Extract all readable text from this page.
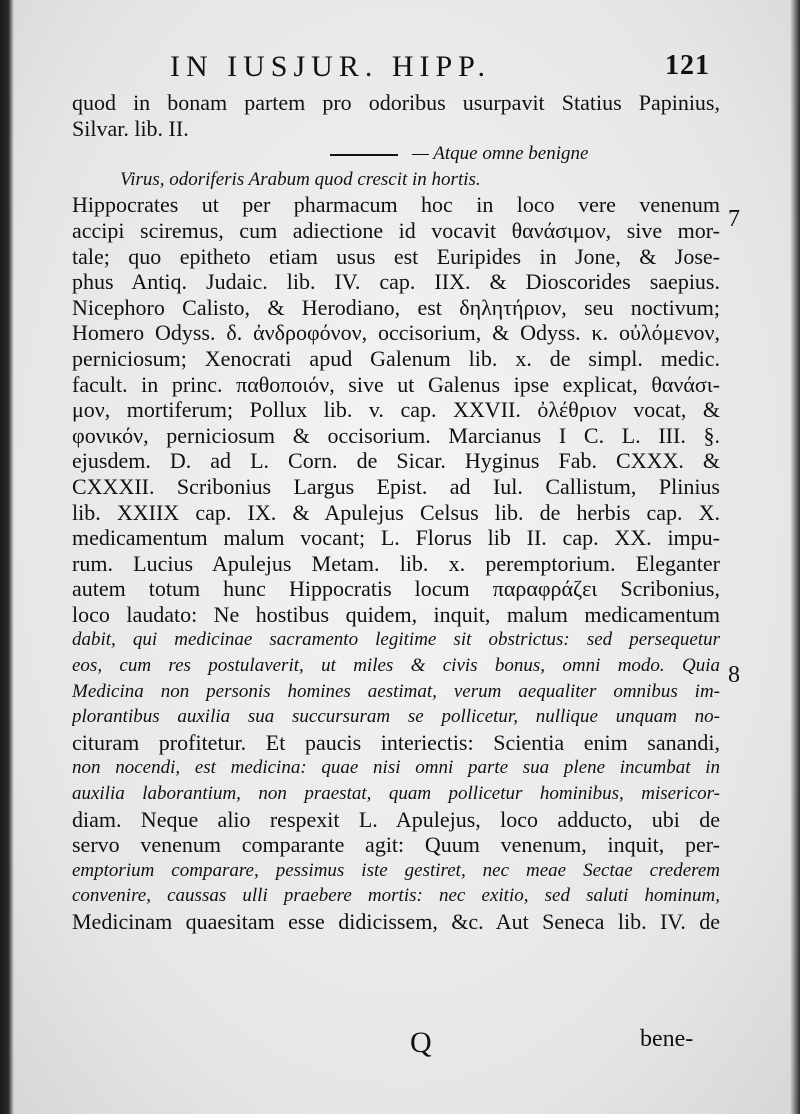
IN IUSJUR. HIPP.	121
quod in bonam partem pro odoribus usurpavit Statius Papinius,
Silvar. lib. II.
— Atque omne benigne
Virus, odoriferis Arabum quod crescit in hortis.
Hippocrates ut per pharmacum hoc in loco vere venenum
accipi sciremus, cum adiectione id vocavit θανάσιμον, sive mor-
tale; quo epitheto etiam usus est Euripides in Jone, & Jose-
phus Antiq. Judaic. lib. IV. cap. IIX. & Dioscorides saepius.
Nicephoro Calisto, & Herodiano, est δηλητήριον, seu noctivum;
Homero Odyss. δ. ἀνδροφόνον, occisorium, & Odyss. κ. οὐλόμενον,
perniciosum; Xenocrati apud Galenum lib. x. de simpl. medic.
facult. in princ. παθοποιόν, sive ut Galenus ipse explicat, θανάσι-
μον, mortiferum; Pollux lib. v. cap. XXVII. ὀλέθριον vocat, &
φονικόν, perniciosum & occisorium. Marcianus I C. L. III. §.
ejusdem. D. ad L. Corn. de Sicar. Hyginus Fab. CXXX. &
CXXXII. Scribonius Largus Epist. ad Iul. Callistum, Plinius
lib. XXIIX cap. IX. & Apulejus Celsus lib. de herbis cap. X.
medicamentum malum vocant; L. Florus lib II. cap. XX. impu-
rum. Lucius Apulejus Metam. lib. x. peremptorium. Eleganter
autem totum hunc Hippocratis locum παραφράζει Scribonius,
loco laudato: Ne hostibus quidem, inquit, malum medicamentum
dabit, qui medicinae sacramento legitime sit obstrictus: sed persequetur
eos, cum res postulaverit, ut miles & civis bonus, omni modo. Quia
Medicina non personis homines aestimat, verum aequaliter omnibus im-
plorantibus auxilia sua succursuram se pollicetur, nullique unquam no-
cituram profitetur. Et paucis interiectis: Scientia enim sanandi,
non nocendi, est medicina: quae nisi omni parte sua plene incumbat in
auxilia laborantium, non praestat, quam pollicetur hominibus, misericor-
diam. Neque alio respexit L. Apulejus, loco adducto, ubi de
servo venenum comparante agit: Quum venenum, inquit, per-
emptorium comparare, pessimus iste gestiret, nec meae Sectae crederem
convenire, caussas ulli praebere mortis: nec exitio, sed saluti hominum,
Medicinam quaesitam esse didicissem, &c. Aut Seneca lib. IV. de
7
8
Q	bene-
